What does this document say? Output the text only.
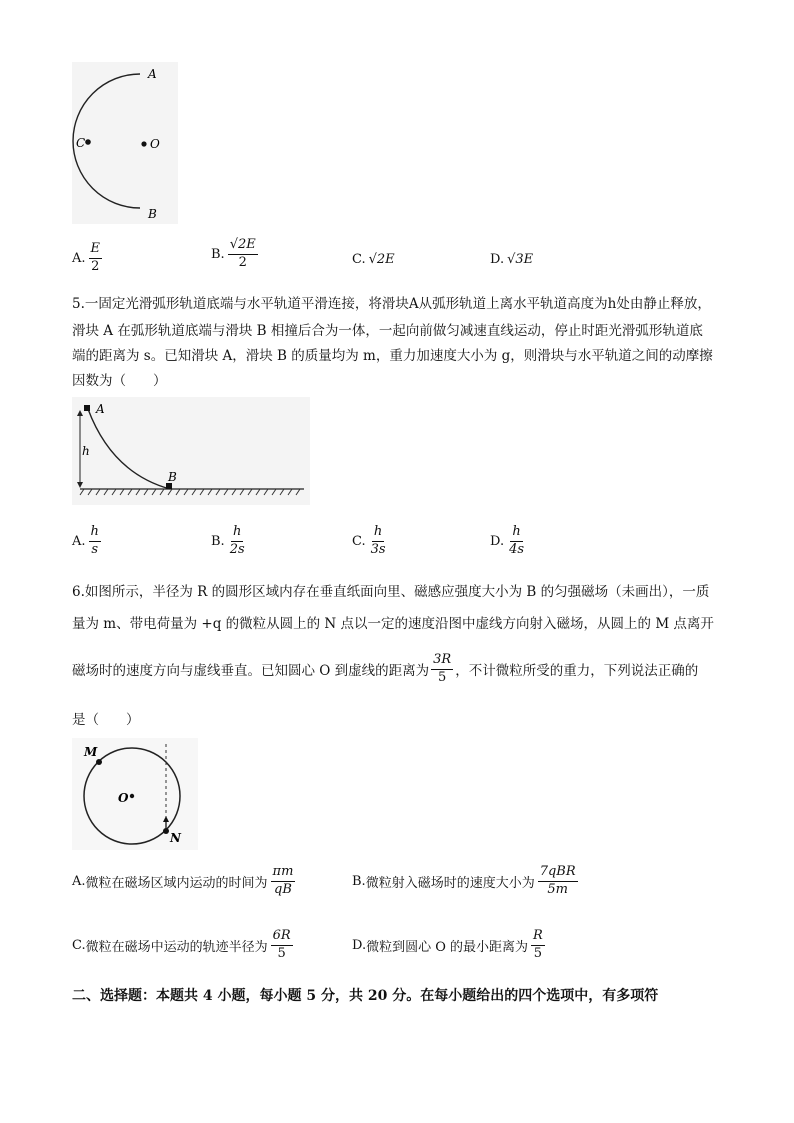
A
C	O
B
A. $\frac{E}{2}$	B. $\frac{√2E}{2}$	C. √2E	D. √3E
5.一固定光滑弧形轨道底端与水平轨道平滑连接，将滑块A从弧形轨道上离水平轨道高度为h处由静止释放，
滑块 A 在弧形轨道底端与滑块 B 相撞后合为一体，一起向前做匀减速直线运动，停止时距光滑弧形轨道底
端的距离为 s。已知滑块 A，滑块 B 的质量均为 m，重力加速度大小为 g，则滑块与水平轨道之间的动摩擦
因数为（　　）
A
B
h
A. $\frac{h}{s}$	B. $\frac{h}{2s}$	C. $\frac{h}{3s}$	D. $\frac{h}{4s}$
6.如图所示，半径为 R 的圆形区域内存在垂直纸面向里、磁感应强度大小为 B 的匀强磁场（未画出），一质
量为 m、带电荷量为 +q 的微粒从圆上的 N 点以一定的速度沿图中虚线方向射入磁场，从圆上的 M 点离开
磁场时的速度方向与虚线垂直。已知圆心 O 到虚线的距离为 $\frac{3R}{5}$ ，不计微粒所受的重力，下列说法正确的
是（　　）
M
O
N
A. 微粒在磁场区域内运动的时间为 $\frac{\pi m}{qB}$	B. 微粒射入磁场时的速度大小为 $\frac{\text{7qBR}}{5m}$
C. 微粒在磁场中运动的轨迹半径为 $\frac{6R}{5}$	D. 微粒到圆心 O 的最小距离为 $\frac{R}{5}$
二、选择题：本题共 4 小题，每小题 5 分，共 20 分。在每小题给出的四个选项中，有多项符
